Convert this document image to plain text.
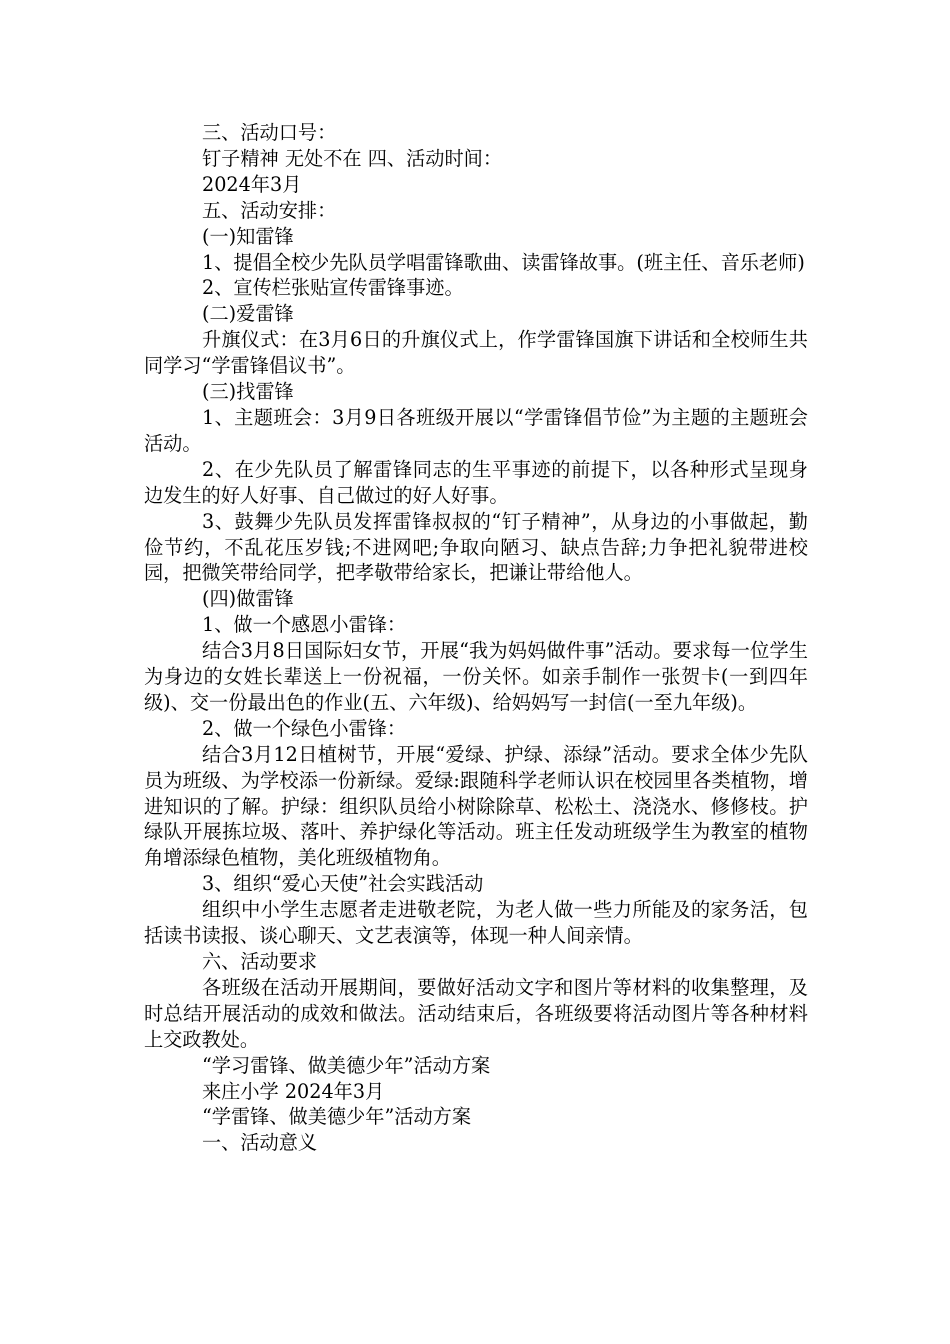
三、活动口号：

钉子精神 无处不在 四、活动时间：

2024年3月

五、活动安排：

(一)知雷锋

1、提倡全校少先队员学唱雷锋歌曲、读雷锋故事。(班主任、音乐老师)

2、宣传栏张贴宣传雷锋事迹。

(二)爱雷锋

升旗仪式：在3月6日的升旗仪式上，作学雷锋国旗下讲话和全校师生共同学习“学雷锋倡议书”。

(三)找雷锋

1、主题班会：3月9日各班级开展以“学雷锋倡节俭”为主题的主题班会活动。

2、在少先队员了解雷锋同志的生平事迹的前提下，以各种形式呈现身边发生的好人好事、自己做过的好人好事。

3、鼓舞少先队员发挥雷锋叔叔的“钉子精神”，从身边的小事做起，勤俭节约，不乱花压岁钱;不进网吧;争取向陋习、缺点告辞;力争把礼貌带进校园，把微笑带给同学，把孝敬带给家长，把谦让带给他人。

(四)做雷锋

1、做一个感恩小雷锋：

结合3月8日国际妇女节，开展“我为妈妈做件事”活动。要求每一位学生为身边的女姓长辈送上一份祝福，一份关怀。如亲手制作一张贺卡(一到四年级)、交一份最出色的作业(五、六年级)、给妈妈写一封信(一至九年级)。

2、做一个绿色小雷锋：

结合3月12日植树节，开展“爱绿、护绿、添绿”活动。要求全体少先队员为班级、为学校添一份新绿。爱绿:跟随科学老师认识在校园里各类植物，增进知识的了解。护绿：组织队员给小树除除草、松松土、浇浇水、修修枝。护绿队开展拣垃圾、落叶、养护绿化等活动。班主任发动班级学生为教室的植物角增添绿色植物，美化班级植物角。

3、组织“爱心天使”社会实践活动

组织中小学生志愿者走进敬老院，为老人做一些力所能及的家务活，包括读书读报、谈心聊天、文艺表演等，体现一种人间亲情。

六、活动要求

各班级在活动开展期间，要做好活动文字和图片等材料的收集整理，及时总结开展活动的成效和做法。活动结束后，各班级要将活动图片等各种材料上交政教处。

“学习雷锋、做美德少年”活动方案

来庄小学 2024年3月

“学雷锋、做美德少年”活动方案

一、活动意义
